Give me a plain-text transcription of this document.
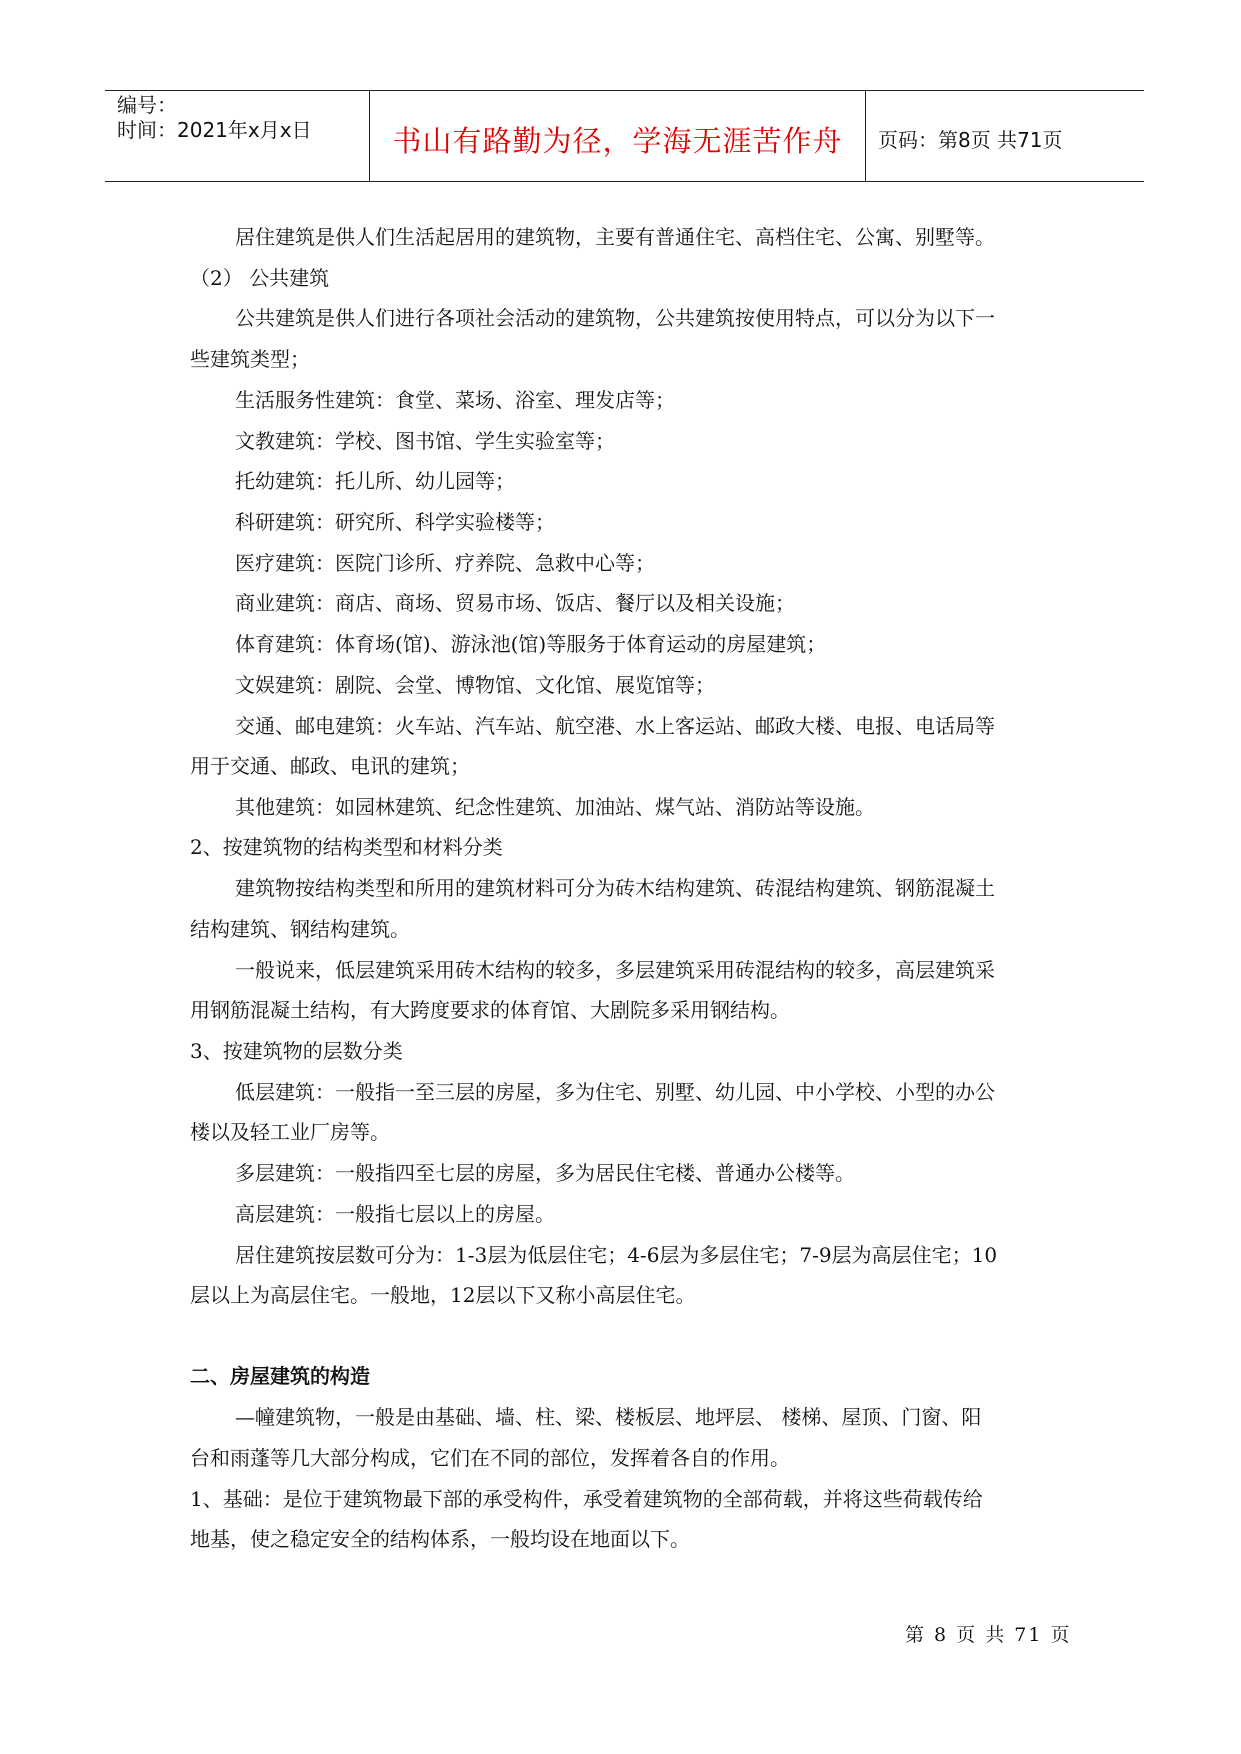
编号：
时间：2021年x月x日	书山有路勤为径，学海无涯苦作舟	页码：第8页 共71页
居住建筑是供人们生活起居用的建筑物，主要有普通住宅、高档住宅、公寓、别墅等。
（2） 公共建筑
公共建筑是供人们进行各项社会活动的建筑物，公共建筑按使用特点，可以分为以下一
些建筑类型；
生活服务性建筑：食堂、菜场、浴室、理发店等；
文教建筑：学校、图书馆、学生实验室等；
托幼建筑：托儿所、幼儿园等；
科研建筑：研究所、科学实验楼等；
医疗建筑：医院门诊所、疗养院、急救中心等；
商业建筑：商店、商场、贸易市场、饭店、餐厅以及相关设施；
体育建筑：体育场(馆)、游泳池(馆)等服务于体育运动的房屋建筑；
文娱建筑：剧院、会堂、博物馆、文化馆、展览馆等；
交通、邮电建筑：火车站、汽车站、航空港、水上客运站、邮政大楼、电报、电话局等
用于交通、邮政、电讯的建筑；
其他建筑：如园林建筑、纪念性建筑、加油站、煤气站、消防站等设施。
2、按建筑物的结构类型和材料分类
建筑物按结构类型和所用的建筑材料可分为砖木结构建筑、砖混结构建筑、钢筋混凝土
结构建筑、钢结构建筑。
一般说来，低层建筑采用砖木结构的较多，多层建筑采用砖混结构的较多，高层建筑采
用钢筋混凝土结构，有大跨度要求的体育馆、大剧院多采用钢结构。
3、按建筑物的层数分类
低层建筑：一般指一至三层的房屋，多为住宅、别墅、幼儿园、中小学校、小型的办公
楼以及轻工业厂房等。
多层建筑：一般指四至七层的房屋，多为居民住宅楼、普通办公楼等。
高层建筑：一般指七层以上的房屋。
居住建筑按层数可分为：1-3层为低层住宅；4-6层为多层住宅；7-9层为高层住宅；10
层以上为高层住宅。一般地，12层以下又称小高层住宅。
二、房屋建筑的构造
—幢建筑物，一般是由基础、墙、柱、梁、楼板层、地坪层、 楼梯、屋顶、门窗、阳
台和雨蓬等几大部分构成，它们在不同的部位，发挥着各自的作用。
1、基础：是位于建筑物最下部的承受构件，承受着建筑物的全部荷载，并将这些荷载传给
地基，使之稳定安全的结构体系，一般均设在地面以下。
第 8 页 共 71 页
